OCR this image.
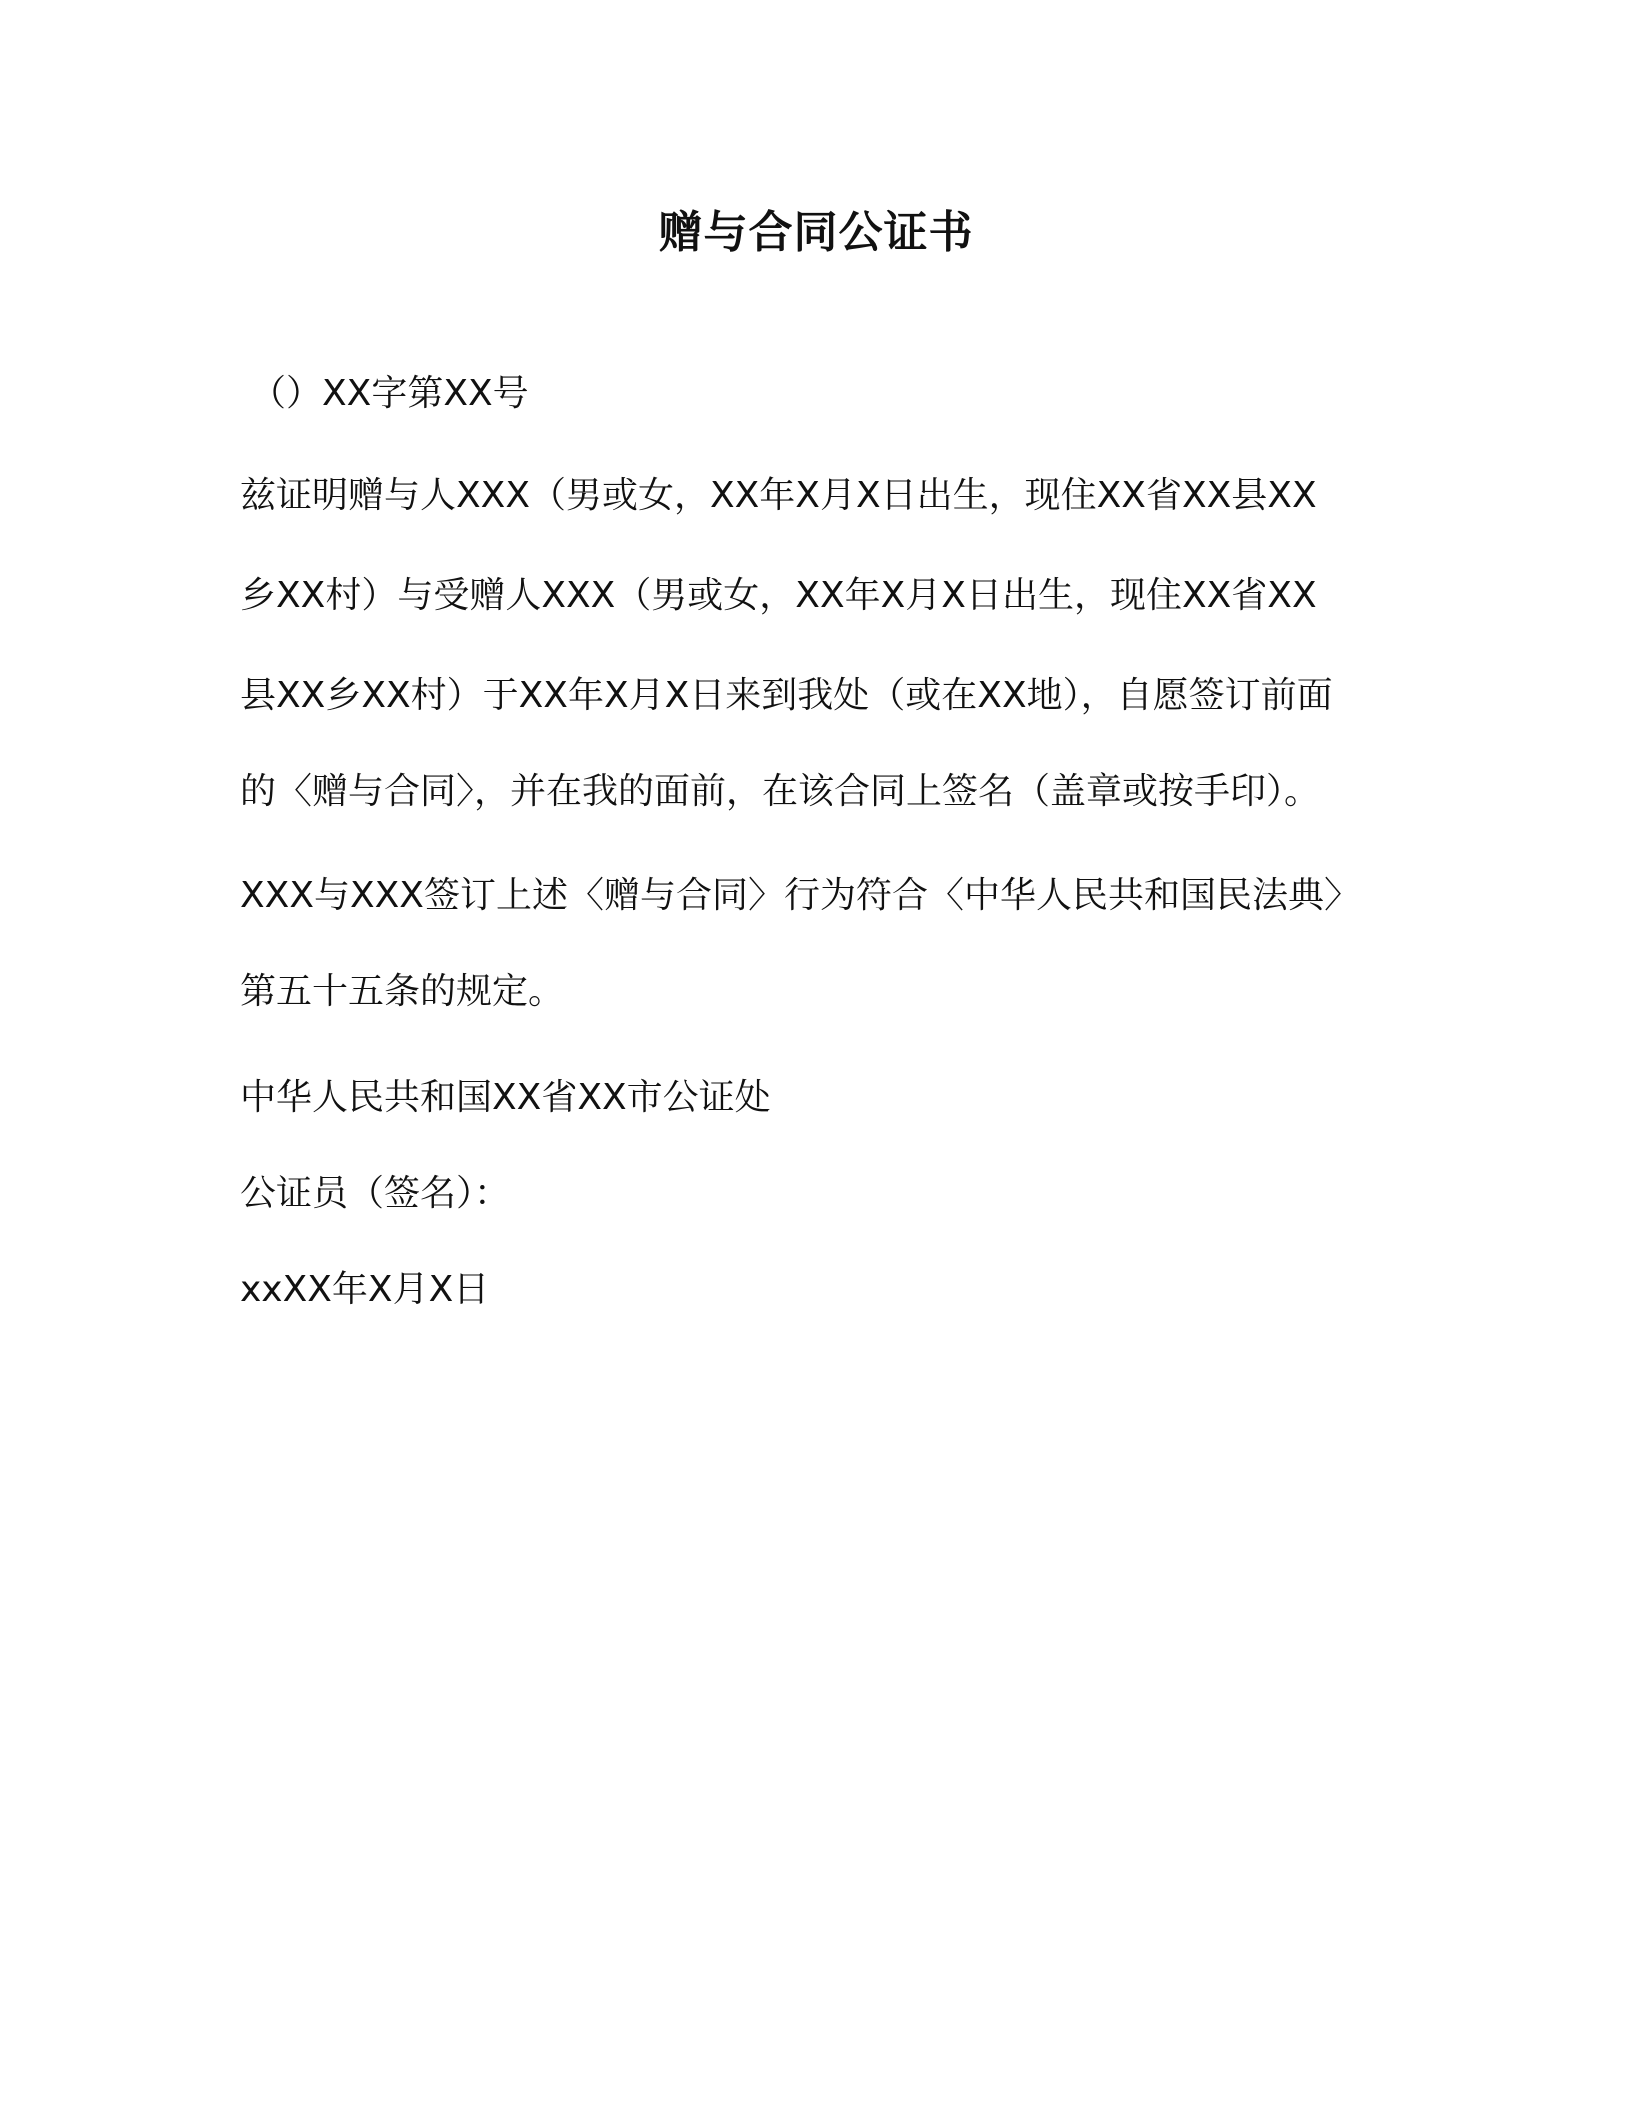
赠与合同公证书

（）XX字第XX号

兹证明赠与人XXX（男或女，XX年X月X日出生，现住XX省XX县XX

乡XX村）与受赠人XXX（男或女，XX年X月X日出生，现住XX省XX

县XX乡XX村）于XX年X月X日来到我处（或在XX地），自愿签订前面

的〈赠与合同〉，并在我的面前，在该合同上签名（盖章或按手印）。

XXX与XXX签订上述〈赠与合同〉行为符合〈中华人民共和国民法典〉

第五十五条的规定。

中华人民共和国XX省XX市公证处

公证员（签名）：

xxXX年X月X日
